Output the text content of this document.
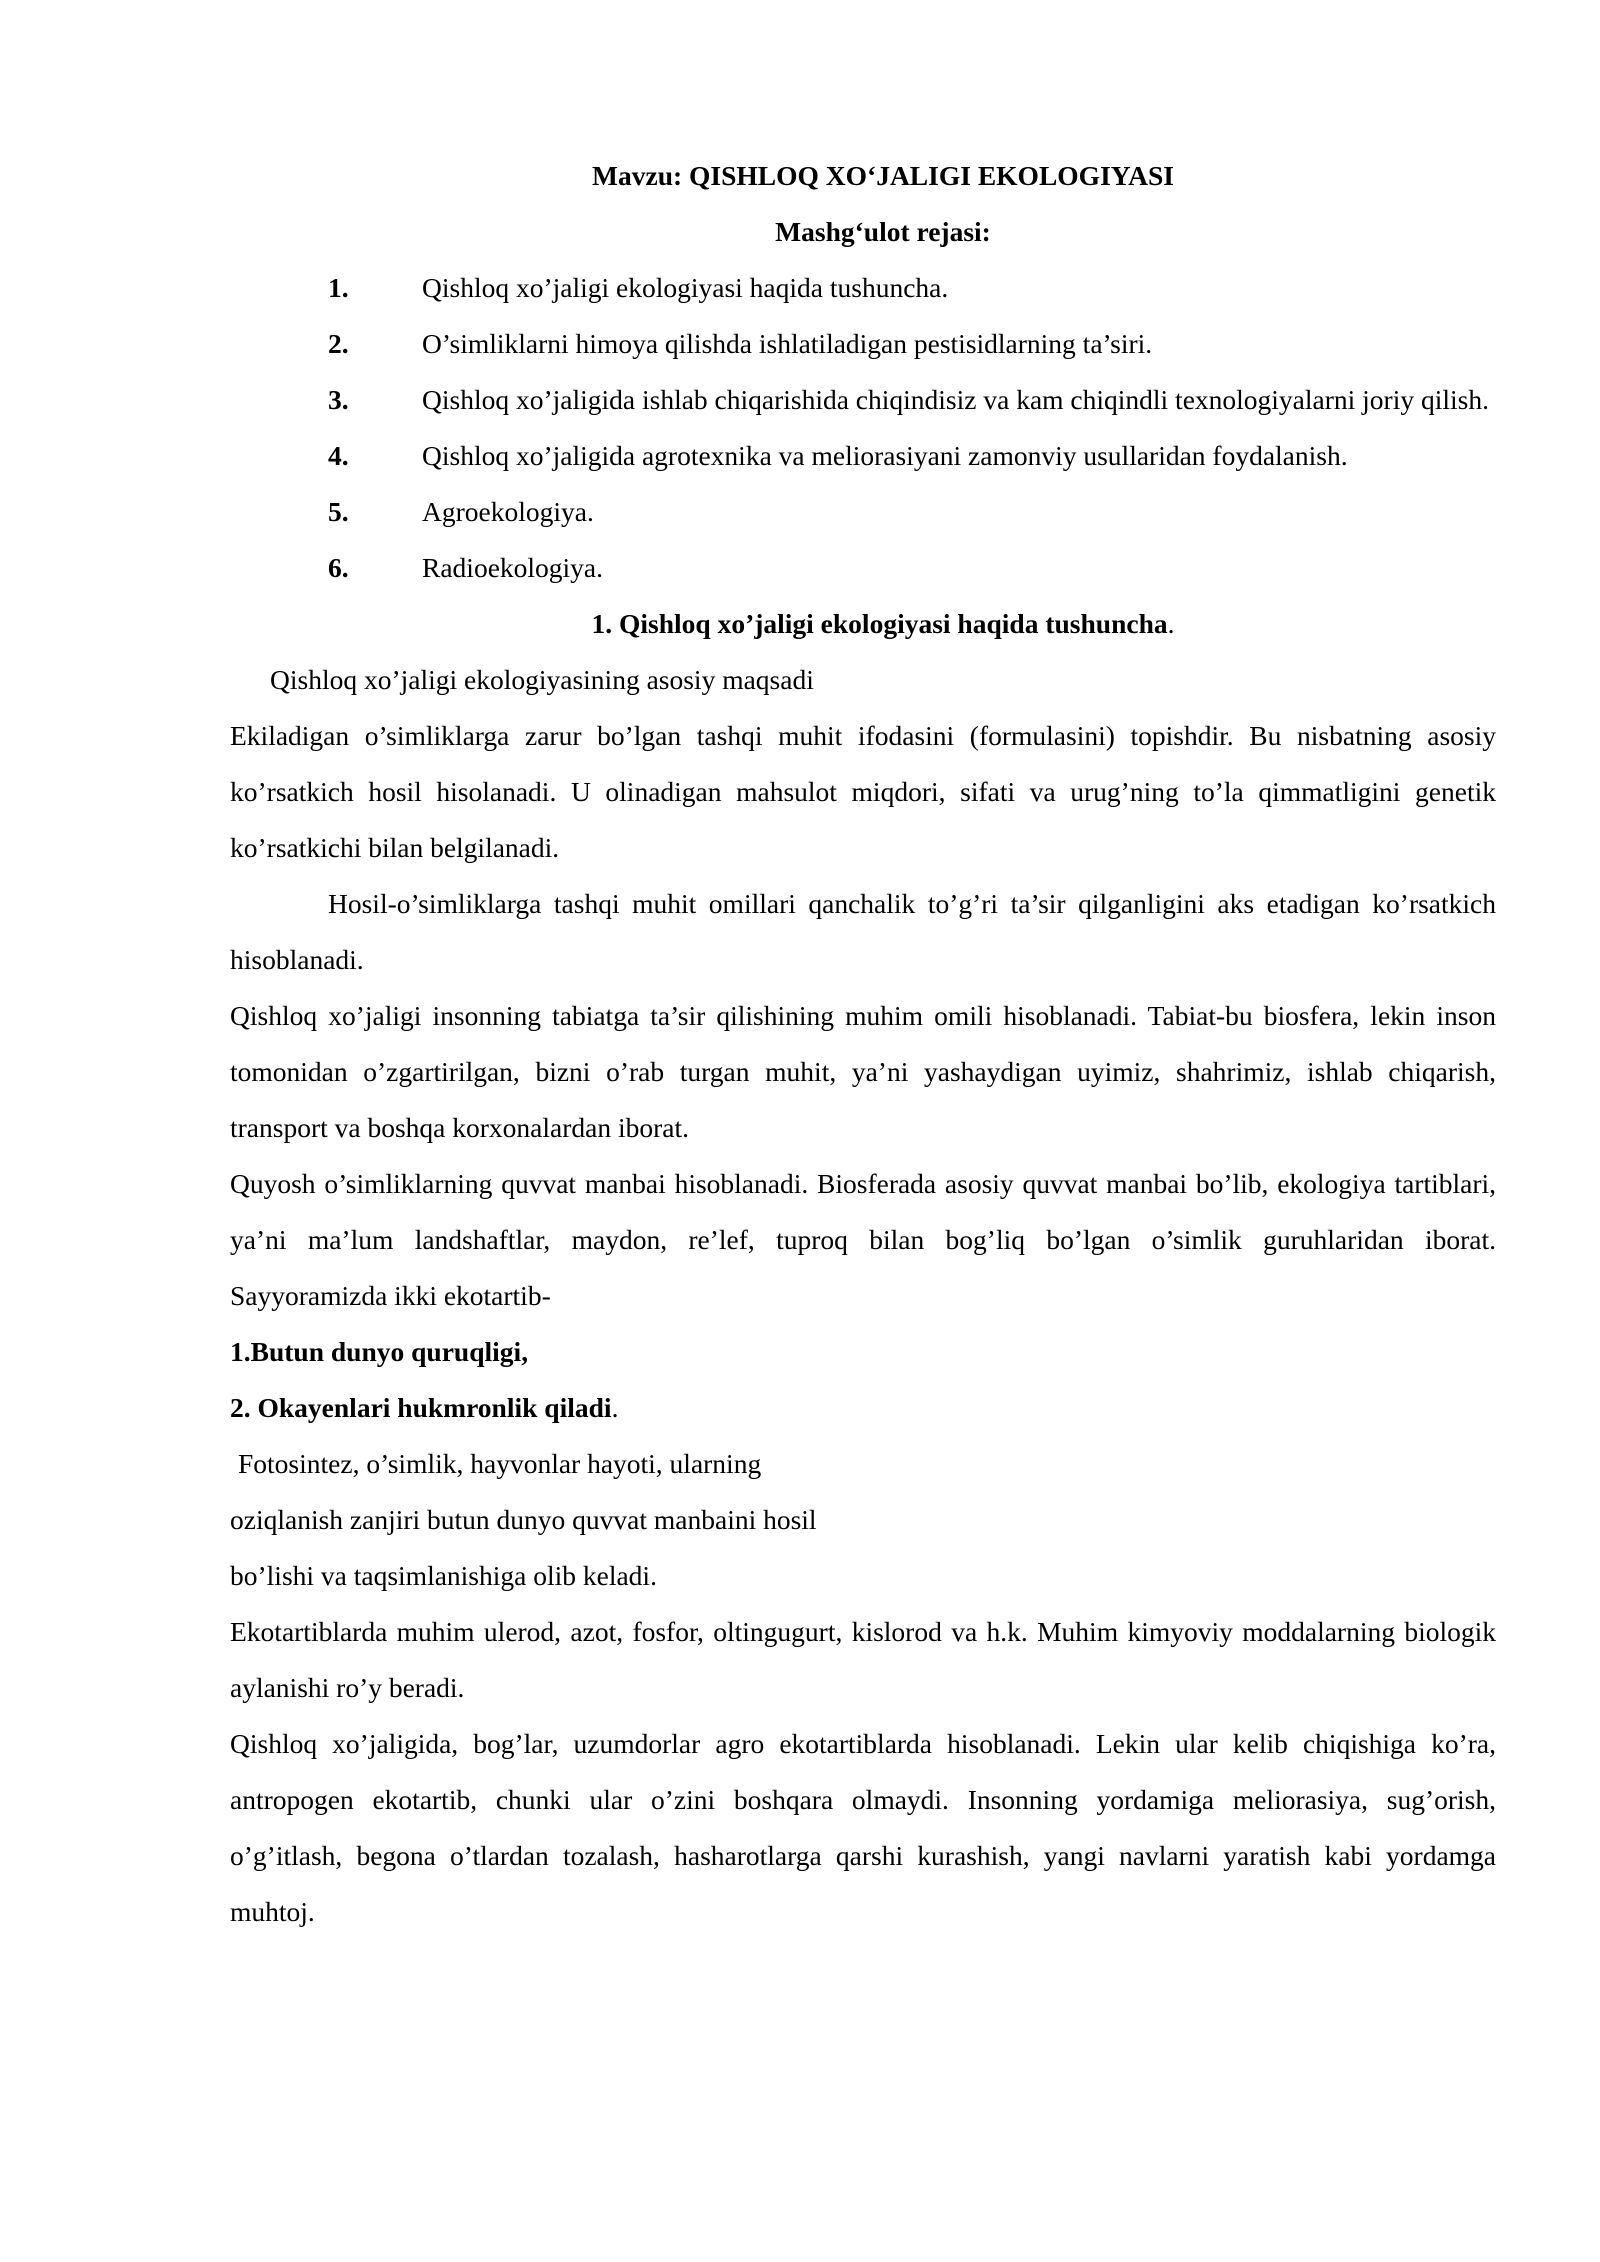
Mavzu: QISHLOQ XO‘JALIGI EKOLOGIYASI
Mashg‘ulot rejasi:
1.	Qishloq xo’jaligi ekologiyasi haqida tushuncha.
2.	O’simliklarni himoya qilishda ishlatiladigan pestisidlarning ta’siri.
3.	Qishloq xo’jaligida ishlab chiqarishida chiqindisiz va kam chiqindli texnologiyalarni joriy qilish.
4.	Qishloq xo’jaligida agrotexnika va meliorasiyani zamonviy usullaridan foydalanish.
5.	Agroekologiya.
6.	Radioekologiya.
1. Qishloq xo’jaligi ekologiyasi haqida tushuncha.
Qishloq xo’jaligi ekologiyasining asosiy maqsadi
Ekiladigan o’simliklarga zarur bo’lgan tashqi muhit ifodasini (formulasini) topishdir. Bu nisbatning asosiy ko’rsatkich hosil hisolanadi. U olinadigan mahsulot miqdori, sifati va urug’ning to’la qimmatligini genetik ko’rsatkichi bilan belgilanadi.
Hosil-o’simliklarga tashqi muhit omillari qanchalik to’g’ri ta’sir qilganligini aks etadigan ko’rsatkich hisoblanadi.
Qishloq xo’jaligi insonning tabiatga ta’sir qilishining muhim omili hisoblanadi. Tabiat-bu biosfera, lekin inson tomonidan o’zgartirilgan, bizni o’rab turgan muhit, ya’ni yashaydigan uyimiz, shahrimiz, ishlab chiqarish, transport va boshqa korxonalardan iborat.
Quyosh o’simliklarning quvvat manbai hisoblanadi. Biosferada asosiy quvvat manbai bo’lib, ekologiya tartiblari, ya’ni ma’lum landshaftlar, maydon, re’lef, tuproq bilan bog’liq bo’lgan o’simlik guruhlaridan iborat. Sayyoramizda ikki ekotartib-
1.Butun dunyo quruqligi,
2. Okayenlari hukmronlik qiladi.
Fotosintez, o’simlik, hayvonlar hayoti, ularning
oziqlanish zanjiri butun dunyo quvvat manbaini hosil
bo’lishi va taqsimlanishiga olib keladi.
Ekotartiblarda muhim ulerod, azot, fosfor, oltingugurt, kislorod va h.k. Muhim kimyoviy moddalarning biologik aylanishi ro’y beradi.
Qishloq xo’jaligida, bog’lar, uzumdorlar agro ekotartiblarda hisoblanadi. Lekin ular kelib chiqishiga ko’ra, antropogen ekotartib, chunki ular o’zini boshqara olmaydi. Insonning yordamiga meliorasiya, sug’orish, o’g’itlash, begona o’tlardan tozalash, hasharotlarga qarshi kurashish, yangi navlarni yaratish kabi yordamga muhtoj.
